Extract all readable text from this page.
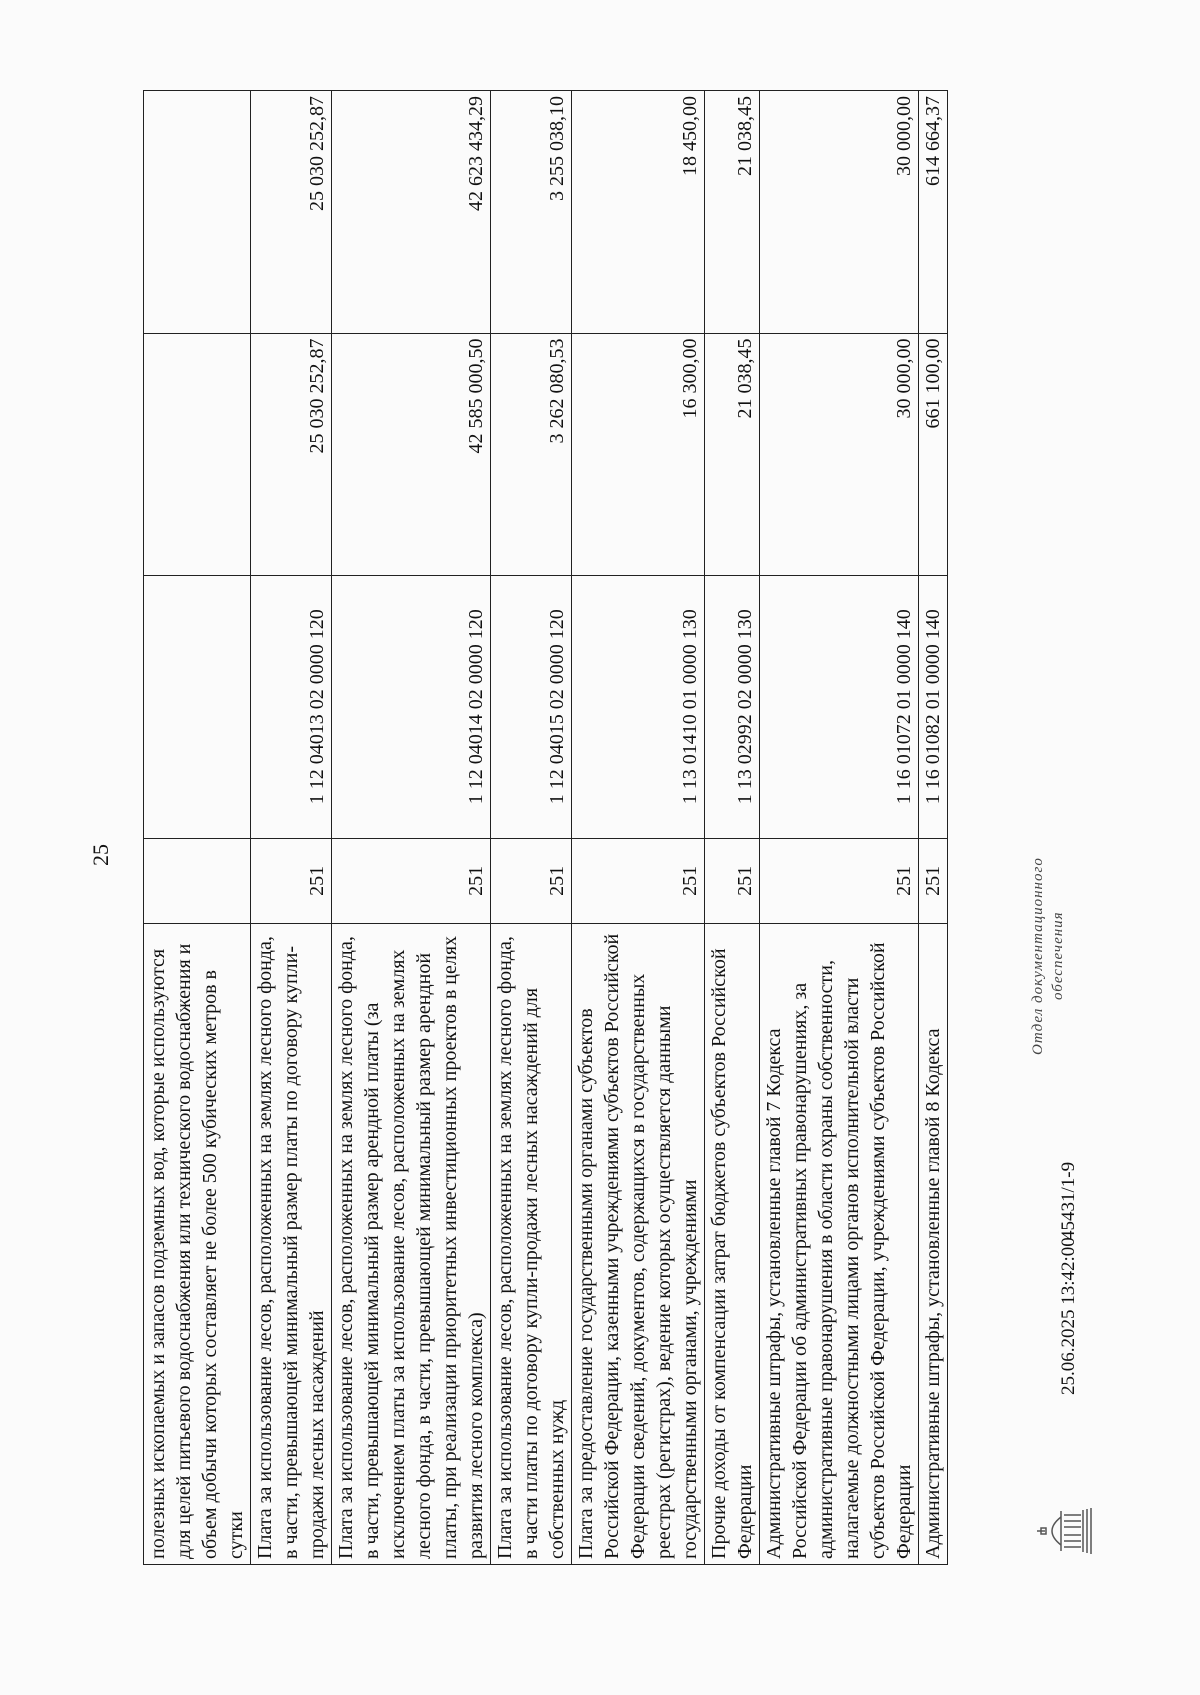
25
полезных ископаемых и запасов подземных вод, которые используются для целей питьевого водоснабжения или технического водоснабжения и объем добычи которых составляет не более 500 кубических метров в сутки				
Плата за использование лесов, расположенных на землях лесного фонда, в части, превышающей минимальный размер платы по договору купли-продажи лесных насаждений	251	1 12 04013 02 0000 120	25 030 252,87	25 030 252,87
Плата за использование лесов, расположенных на землях лесного фонда, в части, превышающей минимальный размер арендной платы (за исключением платы за использование лесов, расположенных на землях лесного фонда, в части, превышающей минимальный размер арендной платы, при реализации приоритетных инвестиционных проектов в целях развития лесного комплекса)	251	1 12 04014 02 0000 120	42 585 000,50	42 623 434,29
Плата за использование лесов, расположенных на землях лесного фонда, в части платы по договору купли-продажи лесных насаждений для собственных нужд	251	1 12 04015 02 0000 120	3 262 080,53	3 255 038,10
Плата за предоставление государственными органами субъектов Российской Федерации, казенными учреждениями субъектов Российской Федерации сведений, документов, содержащихся в государственных реестрах (регистрах), ведение которых осуществляется данными государственными органами, учреждениями	251	1 13 01410 01 0000 130	16 300,00	18 450,00
Прочие доходы от компенсации затрат бюджетов субъектов Российской Федерации	251	1 13 02992 02 0000 130	21 038,45	21 038,45
Административные штрафы, установленные главой 7 Кодекса Российской Федерации об административных правонарушениях, за административные правонарушения в области охраны собственности, налагаемые должностными лицами органов исполнительной власти субъектов Российской Федерации, учреждениями субъектов Российской Федерации	251	1 16 01072 01 0000 140	30 000,00	30 000,00
Административные штрафы, установленные главой 8 Кодекса	251	1 16 01082 01 0000 140	661 100,00	614 664,37
25.06.2025 13:42:00
45431/1-9
Отдел документационного обеспечения
